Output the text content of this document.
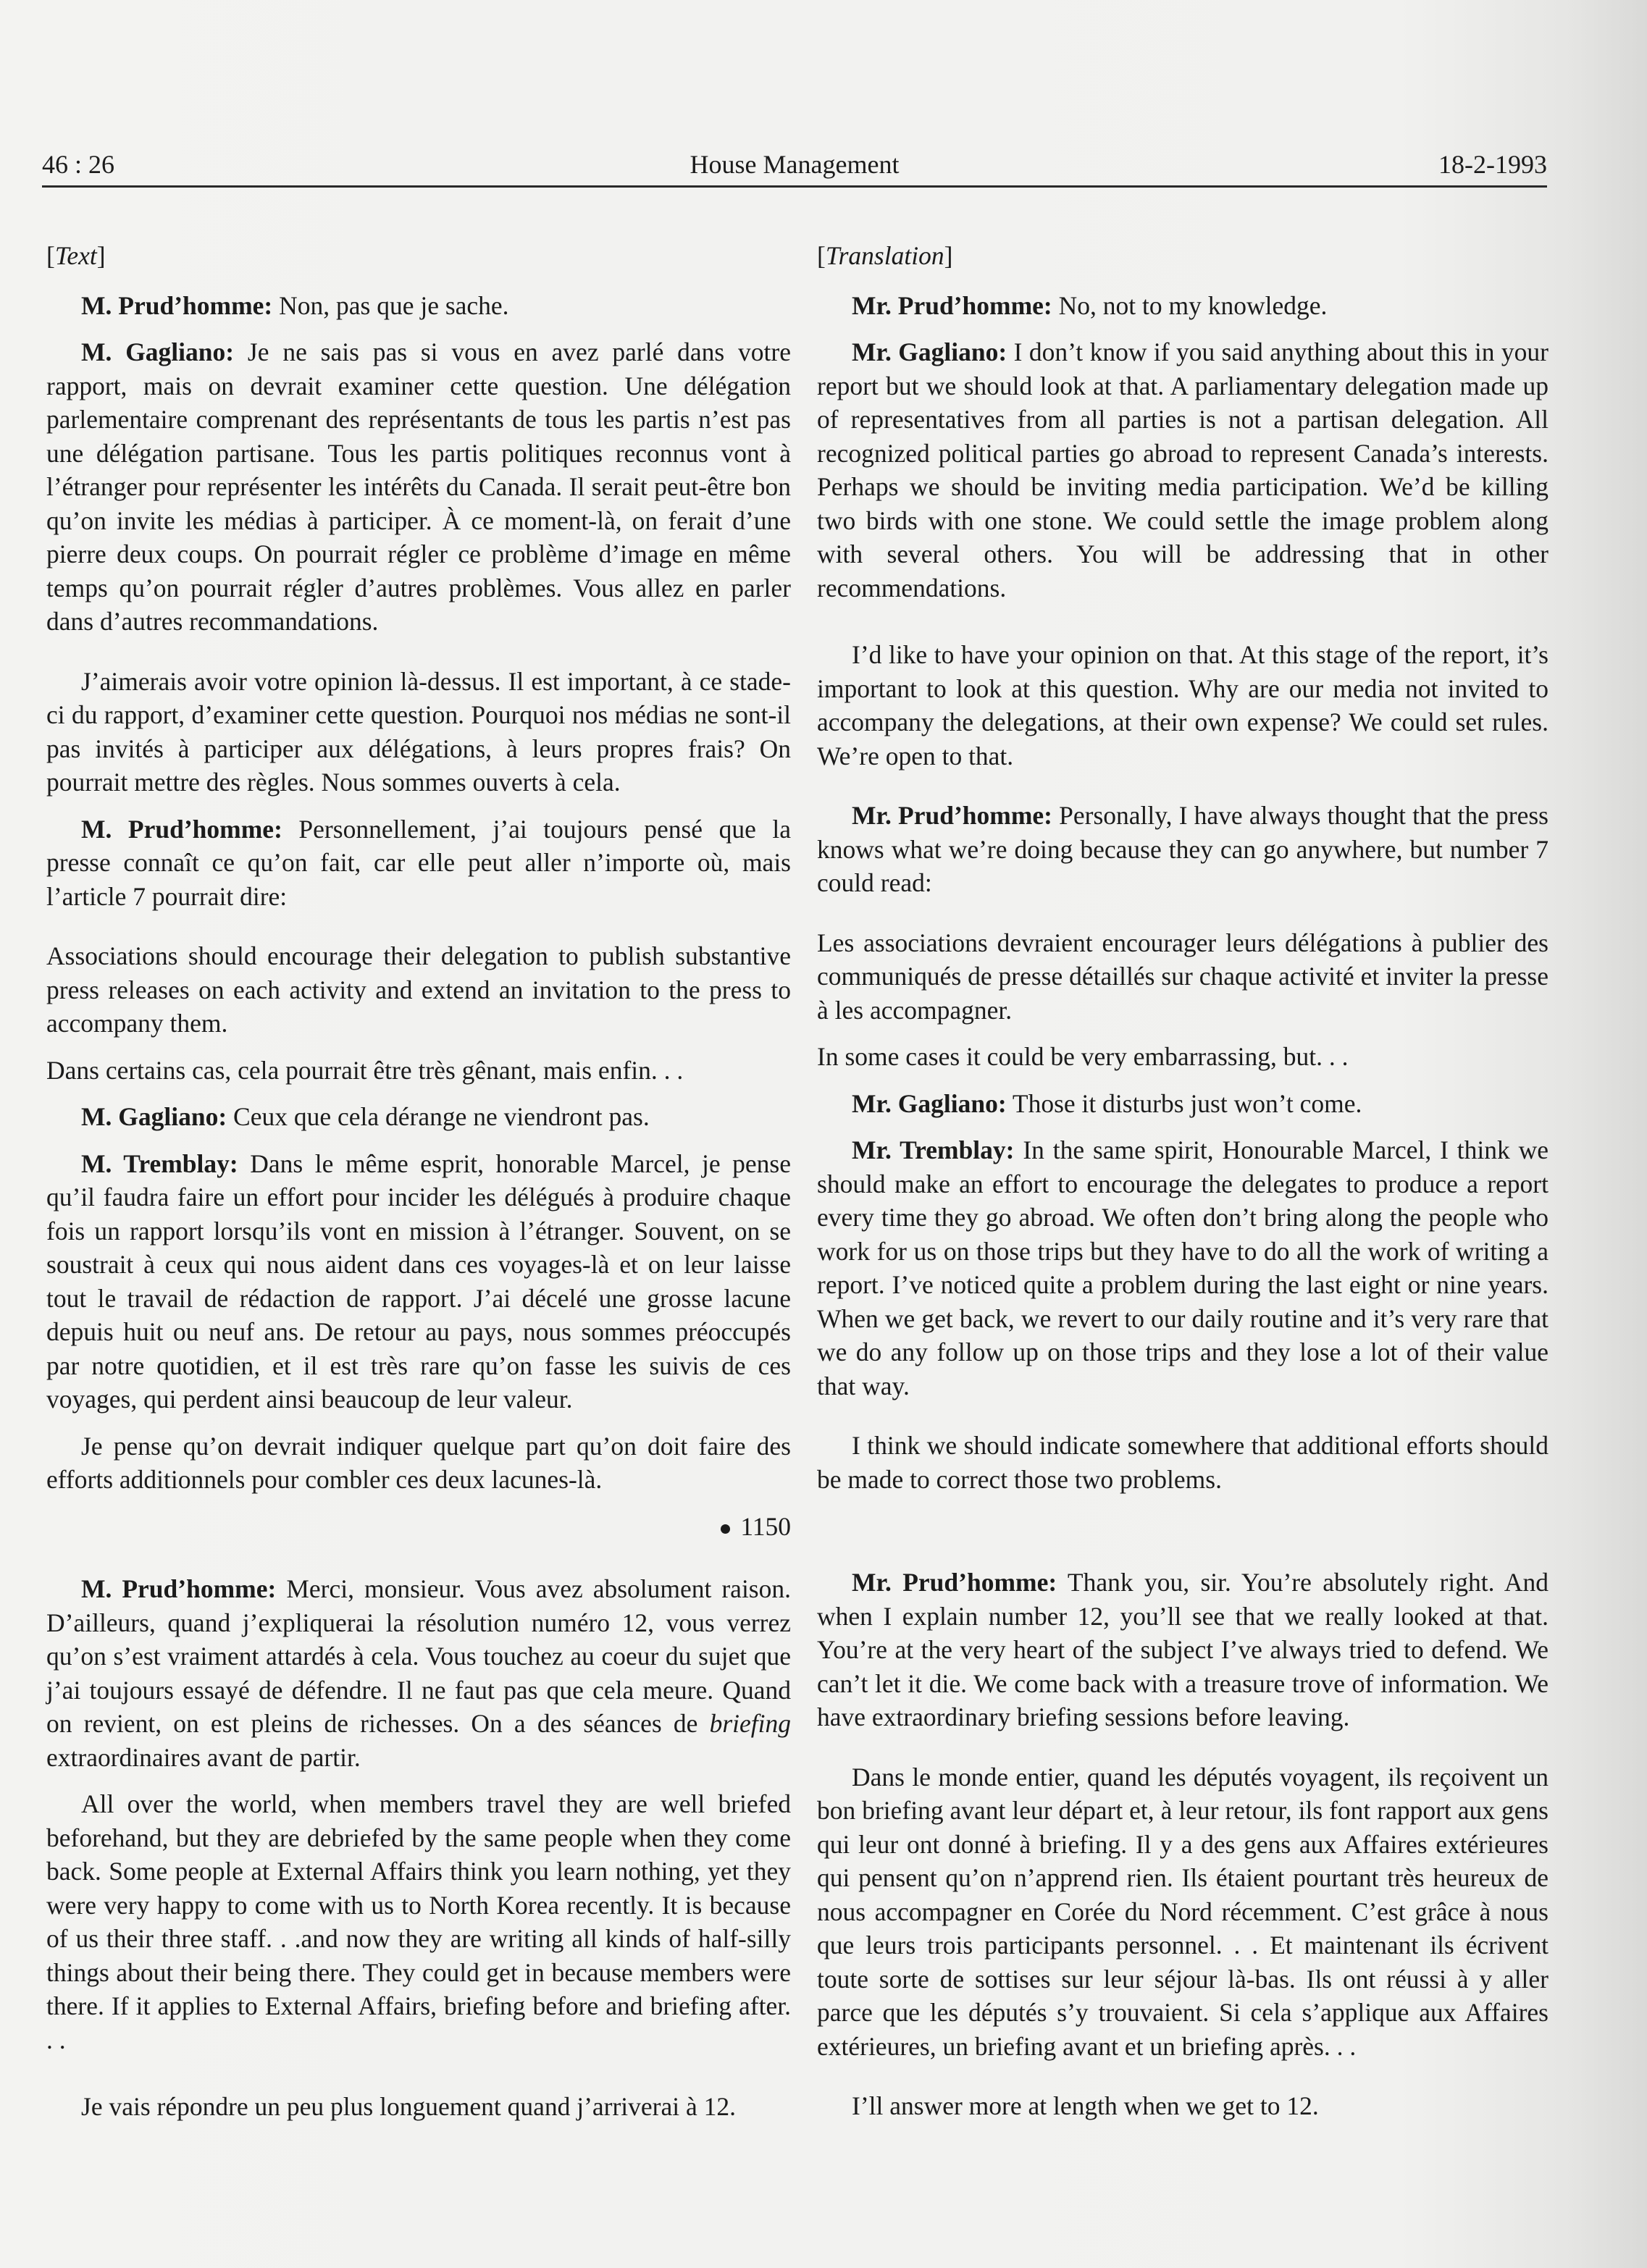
46 : 26	House Management	18-2-1993
[Text]

M. Prud’homme: Non, pas que je sache.

M. Gagliano: Je ne sais pas si vous en avez parlé dans votre rapport, mais on devrait examiner cette question. Une délégation parlementaire comprenant des représentants de tous les partis n’est pas une délégation partisane. Tous les partis politiques reconnus vont à l’étranger pour représenter les intérêts du Canada. Il serait peut-être bon qu’on invite les médias à participer. À ce moment-là, on ferait d’une pierre deux coups. On pourrait régler ce problème d’image en même temps qu’on pourrait régler d’autres problèmes. Vous allez en parler dans d’autres recommandations.

J’aimerais avoir votre opinion là-dessus. Il est important, à ce stade-ci du rapport, d’examiner cette question. Pourquoi nos médias ne sont-il pas invités à participer aux délégations, à leurs propres frais? On pourrait mettre des règles. Nous sommes ouverts à cela.

M. Prud’homme: Personnellement, j’ai toujours pensé que la presse connaît ce qu’on fait, car elle peut aller n’importe où, mais l’article 7 pourrait dire:

Associations should encourage their delegation to publish substantive press releases on each activity and extend an invitation to the press to accompany them.

Dans certains cas, cela pourrait être très gênant, mais enfin. . .

M. Gagliano: Ceux que cela dérange ne viendront pas.

M. Tremblay: Dans le même esprit, honorable Marcel, je pense qu’il faudra faire un effort pour incider les délégués à produire chaque fois un rapport lorsqu’ils vont en mission à l’étranger. Souvent, on se soustrait à ceux qui nous aident dans ces voyages-là et on leur laisse tout le travail de rédaction de rapport. J’ai décelé une grosse lacune depuis huit ou neuf ans. De retour au pays, nous sommes préoccupés par notre quotidien, et il est très rare qu’on fasse les suivis de ces voyages, qui perdent ainsi beaucoup de leur valeur.

Je pense qu’on devrait indiquer quelque part qu’on doit faire des efforts additionnels pour combler ces deux lacunes-là.

1150

M. Prud’homme: Merci, monsieur. Vous avez absolument raison. D’ailleurs, quand j’expliquerai la résolution numéro 12, vous verrez qu’on s’est vraiment attardés à cela. Vous touchez au coeur du sujet que j’ai toujours essayé de défendre. Il ne faut pas que cela meure. Quand on revient, on est pleins de richesses. On a des séances de briefing extraordinaires avant de partir.

All over the world, when members travel they are well briefed beforehand, but they are debriefed by the same people when they come back. Some people at External Affairs think you learn nothing, yet they were very happy to come with us to North Korea recently. It is because of us their three staff. . .and now they are writing all kinds of half-silly things about their being there. They could get in because members were there. If it applies to External Affairs, briefing before and briefing after. . .

Je vais répondre un peu plus longuement quand j’arriverai à 12.

[Translation]

Mr. Prud’homme: No, not to my knowledge.

Mr. Gagliano: I don’t know if you said anything about this in your report but we should look at that. A parliamentary delegation made up of representatives from all parties is not a partisan delegation. All recognized political parties go abroad to represent Canada’s interests. Perhaps we should be inviting media participation. We’d be killing two birds with one stone. We could settle the image problem along with several others. You will be addressing that in other recommendations.

I’d like to have your opinion on that. At this stage of the report, it’s important to look at this question. Why are our media not invited to accompany the delegations, at their own expense? We could set rules. We’re open to that.

Mr. Prud’homme: Personally, I have always thought that the press knows what we’re doing because they can go anywhere, but number 7 could read:

Les associations devraient encourager leurs délégations à publier des communiqués de presse détaillés sur chaque activité et inviter la presse à les accompagner.

In some cases it could be very embarrassing, but. . .

Mr. Gagliano: Those it disturbs just won’t come.

Mr. Tremblay: In the same spirit, Honourable Marcel, I think we should make an effort to encourage the delegates to produce a report every time they go abroad. We often don’t bring along the people who work for us on those trips but they have to do all the work of writing a report. I’ve noticed quite a problem during the last eight or nine years. When we get back, we revert to our daily routine and it’s very rare that we do any follow up on those trips and they lose a lot of their value that way.

I think we should indicate somewhere that additional efforts should be made to correct those two problems.

Mr. Prud’homme: Thank you, sir. You’re absolutely right. And when I explain number 12, you’ll see that we really looked at that. You’re at the very heart of the subject I’ve always tried to defend. We can’t let it die. We come back with a treasure trove of information. We have extraordinary briefing sessions before leaving.

Dans le monde entier, quand les députés voyagent, ils reçoivent un bon briefing avant leur départ et, à leur retour, ils font rapport aux gens qui leur ont donné à briefing. Il y a des gens aux Affaires extérieures qui pensent qu’on n’apprend rien. Ils étaient pourtant très heureux de nous accompagner en Corée du Nord récemment. C’est grâce à nous que leurs trois participants personnel. . . Et maintenant ils écrivent toute sorte de sottises sur leur séjour là-bas. Ils ont réussi à y aller parce que les députés s’y trouvaient. Si cela s’applique aux Affaires extérieures, un briefing avant et un briefing après. . .

I’ll answer more at length when we get to 12.
